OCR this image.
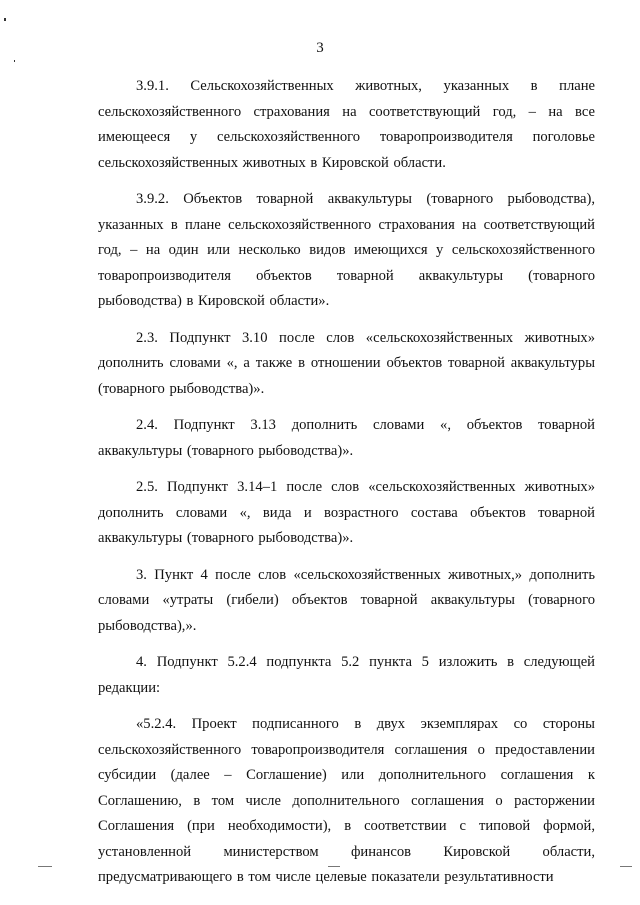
3

3.9.1. Сельскохозяйственных животных, указанных в плане сельскохозяйственного страхования на соответствующий год, – на все имеющееся у сельскохозяйственного товаропроизводителя поголовье сельскохозяйственных животных в Кировской области.

3.9.2. Объектов товарной аквакультуры (товарного рыбоводства), указанных в плане сельскохозяйственного страхования на соответствующий год, – на один или несколько видов имеющихся у сельскохозяйственного товаропроизводителя объектов товарной аквакультуры (товарного рыбоводства) в Кировской области».

2.3. Подпункт 3.10 после слов «сельскохозяйственных животных» дополнить словами «, а также в отношении объектов товарной аквакультуры (товарного рыбоводства)».

2.4. Подпункт 3.13 дополнить словами «, объектов товарной аквакультуры (товарного рыбоводства)».

2.5. Подпункт 3.14–1 после слов «сельскохозяйственных животных» дополнить словами «, вида и возрастного состава объектов товарной аквакультуры (товарного рыбоводства)».

3. Пункт 4 после слов «сельскохозяйственных животных,» дополнить словами «утраты (гибели) объектов товарной аквакультуры (товарного рыбоводства),».

4. Подпункт 5.2.4 подпункта 5.2 пункта 5 изложить в следующей редакции:

«5.2.4. Проект подписанного в двух экземплярах со стороны сельскохозяйственного товаропроизводителя соглашения о предоставлении субсидии (далее – Соглашение) или дополнительного соглашения к Соглашению, в том числе дополнительного соглашения о расторжении Соглашения (при необходимости), в соответствии с типовой формой, установленной министерством финансов Кировской области, предусматривающего в том числе целевые показатели результативности
